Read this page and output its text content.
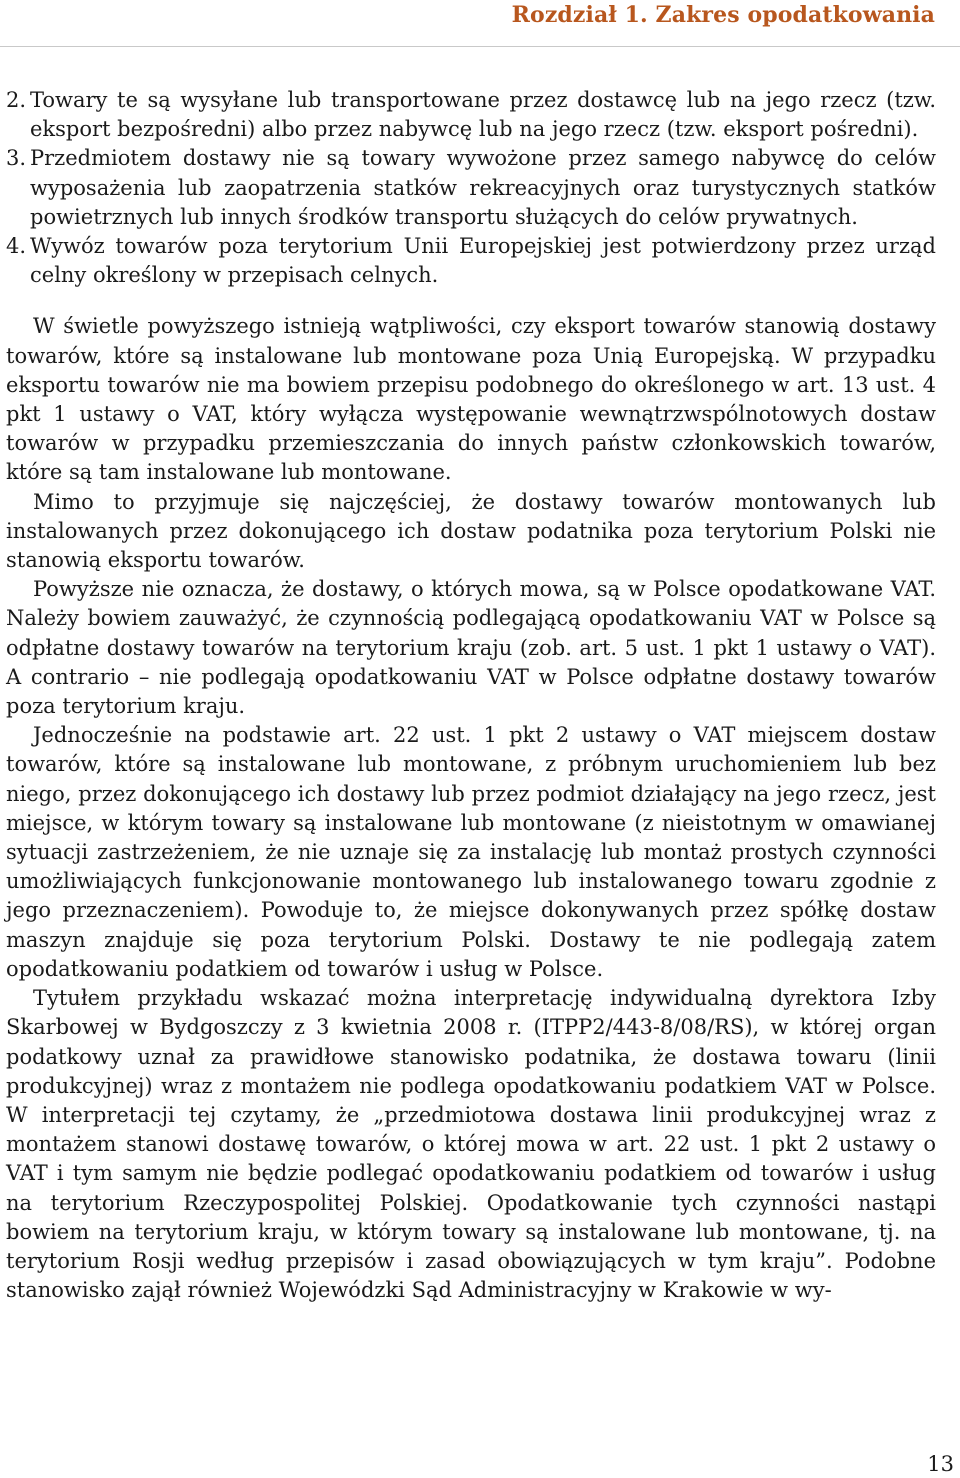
Rozdział 1. Zakres opodatkowania

2. Towary te są wysyłane lub transportowane przez dostawcę lub na jego rzecz (tzw. eksport bezpośredni) albo przez nabywcę lub na jego rzecz (tzw. eksport pośredni).

3. Przedmiotem dostawy nie są towary wywożone przez samego nabywcę do celów wyposażenia lub zaopatrzenia statków rekreacyjnych oraz turystycznych statków powietrznych lub innych środków transportu służących do celów prywatnych.

4. Wywóz towarów poza terytorium Unii Europejskiej jest potwierdzony przez urząd celny określony w przepisach celnych.

W świetle powyższego istnieją wątpliwości, czy eksport towarów stanowią dostawy towarów, które są instalowane lub montowane poza Unią Europejską. W przypadku eksportu towarów nie ma bowiem przepisu podobnego do określonego w art. 13 ust. 4 pkt 1 ustawy o VAT, który wyłącza występowanie wewnątrzwspólnotowych dostaw towarów w przypadku przemieszczania do innych państw członkowskich towarów, które są tam instalowane lub montowane.

Mimo to przyjmuje się najczęściej, że dostawy towarów montowanych lub instalowanych przez dokonującego ich dostaw podatnika poza terytorium Polski nie stanowią eksportu towarów.

Powyższe nie oznacza, że dostawy, o których mowa, są w Polsce opodatkowane VAT. Należy bowiem zauważyć, że czynnością podlegającą opodatkowaniu VAT w Polsce są odpłatne dostawy towarów na terytorium kraju (zob. art. 5 ust. 1 pkt 1 ustawy o VAT). A contrario – nie podlegają opodatkowaniu VAT w Polsce odpłatne dostawy towarów poza terytorium kraju.

Jednocześnie na podstawie art. 22 ust. 1 pkt 2 ustawy o VAT miejscem dostaw towarów, które są instalowane lub montowane, z próbnym uruchomieniem lub bez niego, przez dokonującego ich dostawy lub przez podmiot działający na jego rzecz, jest miejsce, w którym towary są instalowane lub montowane (z nieistotnym w omawianej sytuacji zastrzeżeniem, że nie uznaje się za instalację lub montaż prostych czynności umożliwiających funkcjonowanie montowanego lub instalowanego towaru zgodnie z jego przeznaczeniem). Powoduje to, że miejsce dokonywanych przez spółkę dostaw maszyn znajduje się poza terytorium Polski. Dostawy te nie podlegają zatem opodatkowaniu podatkiem od towarów i usług w Polsce.

Tytułem przykładu wskazać można interpretację indywidualną dyrektora Izby Skarbowej w Bydgoszczy z 3 kwietnia 2008 r. (ITPP2/443-8/08/RS), w której organ podatkowy uznał za prawidłowe stanowisko podatnika, że dostawa towaru (linii produkcyjnej) wraz z montażem nie podlega opodatkowaniu podatkiem VAT w Polsce. W interpretacji tej czytamy, że „przedmiotowa dostawa linii produkcyjnej wraz z montażem stanowi dostawę towarów, o której mowa w art. 22 ust. 1 pkt 2 ustawy o VAT i tym samym nie będzie podlegać opodatkowaniu podatkiem od towarów i usług na terytorium Rzeczypospolitej Polskiej. Opodatkowanie tych czynności nastąpi bowiem na terytorium kraju, w którym towary są instalowane lub montowane, tj. na terytorium Rosji według przepisów i zasad obowiązujących w tym kraju”. Podobne stanowisko zajął również Wojewódzki Sąd Administracyjny w Krakowie w wy-

13
